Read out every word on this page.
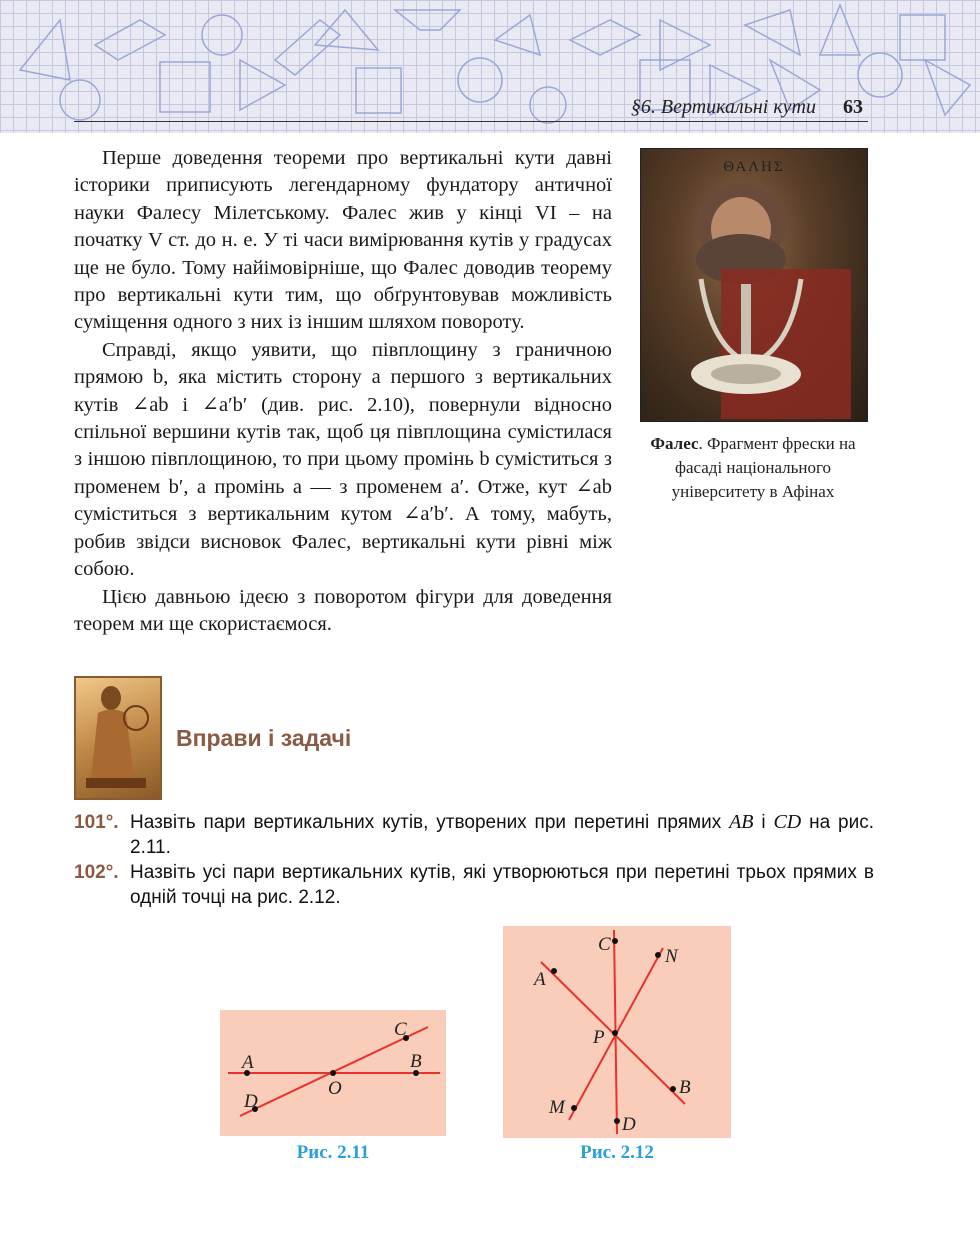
§6. Вертикальні кути 63

Перше доведення теореми про вертикальні кути давні історики приписують легендарному фундатору античної науки Фалесу Мілетському. Фалес жив у кінці VI – на початку V ст. до н. е. У ті часи вимірювання кутів у градусах ще не було. Тому найімовірніше, що Фалес доводив теорему про вертикальні кути тим, що обґрунтовував можливість суміщення одного з них із іншим шляхом повороту.

Справді, якщо уявити, що півплощину з граничною прямою b, яка містить сторону a першого з вертикальних кутів ∠ab і ∠a′b′ (див. рис. 2.10), повернули відносно спільної вершини кутів так, щоб ця півплощина сумістилася з іншою півплощиною, то при цьому промінь b суміститься з променем b′, а промінь a — з променем a′. Отже, кут ∠ab суміститься з вертикальним кутом ∠a′b′. А тому, мабуть, робив звідси висновок Фалес, вертикальні кути рівні між собою.

Цією давньою ідеєю з поворотом фігури для доведення теорем ми ще скористаємося.

ΘΑΛΗΣ
Фалес. Фрагмент фрески на фасаді національного університету в Афінах
Вправи і задачі
101°. Назвіть пари вертикальних кутів, утворених при перетині прямих AB і CD на рис. 2.11.
102°. Назвіть усі пари вертикальних кутів, які утворюються при перетині трьох прямих в одній точці на рис. 2.12.
A	B
C
D
O
Рис. 2.11
C
A
N
P
B
M
D
Рис. 2.12
